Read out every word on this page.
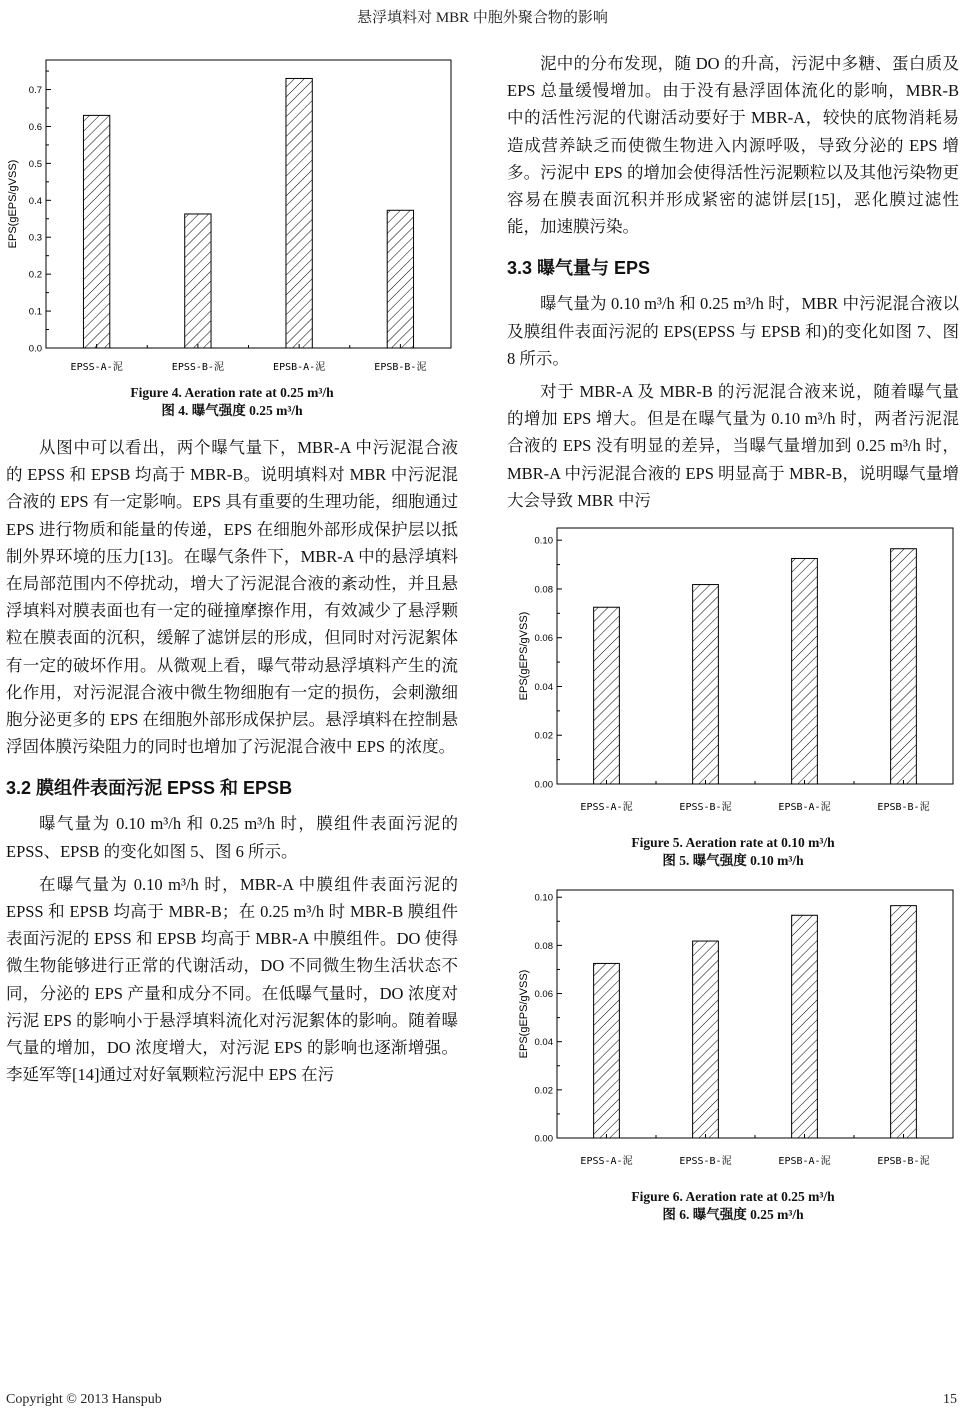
悬浮填料对 MBR 中胞外聚合物的影响
0.0
0.1
0.2
0.3
0.4
0.5
0.6
0.7
EPS(gEPS/gVSS)
EPSS-A-泥	EPSS-B-泥	EPSB-A-泥	EPSB-B-泥
Figure 4. Aeration rate at 0.25 m³/h
图 4. 曝气强度 0.25 m³/h

从图中可以看出，两个曝气量下，MBR-A 中污泥混合液的 EPSS 和 EPSB 均高于 MBR-B。说明填料对 MBR 中污泥混合液的 EPS 有一定影响。EPS 具有重要的生理功能，细胞通过 EPS 进行物质和能量的传递，EPS 在细胞外部形成保护层以抵制外界环境的压力[13]。在曝气条件下，MBR-A 中的悬浮填料在局部范围内不停扰动，增大了污泥混合液的紊动性，并且悬浮填料对膜表面也有一定的碰撞摩擦作用，有效减少了悬浮颗粒在膜表面的沉积，缓解了滤饼层的形成，但同时对污泥絮体有一定的破坏作用。从微观上看，曝气带动悬浮填料产生的流化作用，对污泥混合液中微生物细胞有一定的损伤，会刺激细胞分泌更多的 EPS 在细胞外部形成保护层。悬浮填料在控制悬浮固体膜污染阻力的同时也增加了污泥混合液中 EPS 的浓度。

3.2 膜组件表面污泥 EPSS 和 EPSB

曝气量为 0.10 m³/h 和 0.25 m³/h 时，膜组件表面污泥的 EPSS、EPSB 的变化如图 5、图 6 所示。

在曝气量为 0.10 m³/h 时，MBR-A 中膜组件表面污泥的 EPSS 和 EPSB 均高于 MBR-B；在 0.25 m³/h 时 MBR-B 膜组件表面污泥的 EPSS 和 EPSB 均高于 MBR-A 中膜组件。DO 使得微生物能够进行正常的代谢活动，DO 不同微生物生活状态不同，分泌的 EPS 产量和成分不同。在低曝气量时，DO 浓度对污泥 EPS 的影响小于悬浮填料流化对污泥絮体的影响。随着曝气量的增加，DO 浓度增大，对污泥 EPS 的影响也逐渐增强。李延军等[14]通过对好氧颗粒污泥中 EPS 在污

泥中的分布发现，随 DO 的升高，污泥中多糖、蛋白质及 EPS 总量缓慢增加。由于没有悬浮固体流化的影响，MBR-B 中的活性污泥的代谢活动要好于 MBR-A，较快的底物消耗易造成营养缺乏而使微生物进入内源呼吸，导致分泌的 EPS 增多。污泥中 EPS 的增加会使得活性污泥颗粒以及其他污染物更容易在膜表面沉积并形成紧密的滤饼层[15]，恶化膜过滤性能，加速膜污染。

3.3 曝气量与 EPS

曝气量为 0.10 m³/h 和 0.25 m³/h 时，MBR 中污泥混合液以及膜组件表面污泥的 EPS(EPSS 与 EPSB 和)的变化如图 7、图 8 所示。

对于 MBR-A 及 MBR-B 的污泥混合液来说，随着曝气量的增加 EPS 增大。但是在曝气量为 0.10 m³/h 时，两者污泥混合液的 EPS 没有明显的差异，当曝气量增加到 0.25 m³/h 时，MBR-A 中污泥混合液的 EPS 明显高于 MBR-B，说明曝气量增大会导致 MBR 中污

0.00
0.02
0.04
0.06
0.08
0.10
EPS(gEPS/gVSS)
EPSS-A-泥	EPSS-B-泥	EPSB-A-泥	EPSB-B-泥
Figure 5. Aeration rate at 0.10 m³/h
图 5. 曝气强度 0.10 m³/h
0.00
0.02
0.04
0.06
0.08
0.10
EPS(gEPS/gVSS)
EPSS-A-泥	EPSS-B-泥	EPSB-A-泥	EPSB-B-泥
Figure 6. Aeration rate at 0.25 m³/h
图 6. 曝气强度 0.25 m³/h
Copyright © 2013 Hanspub	15
